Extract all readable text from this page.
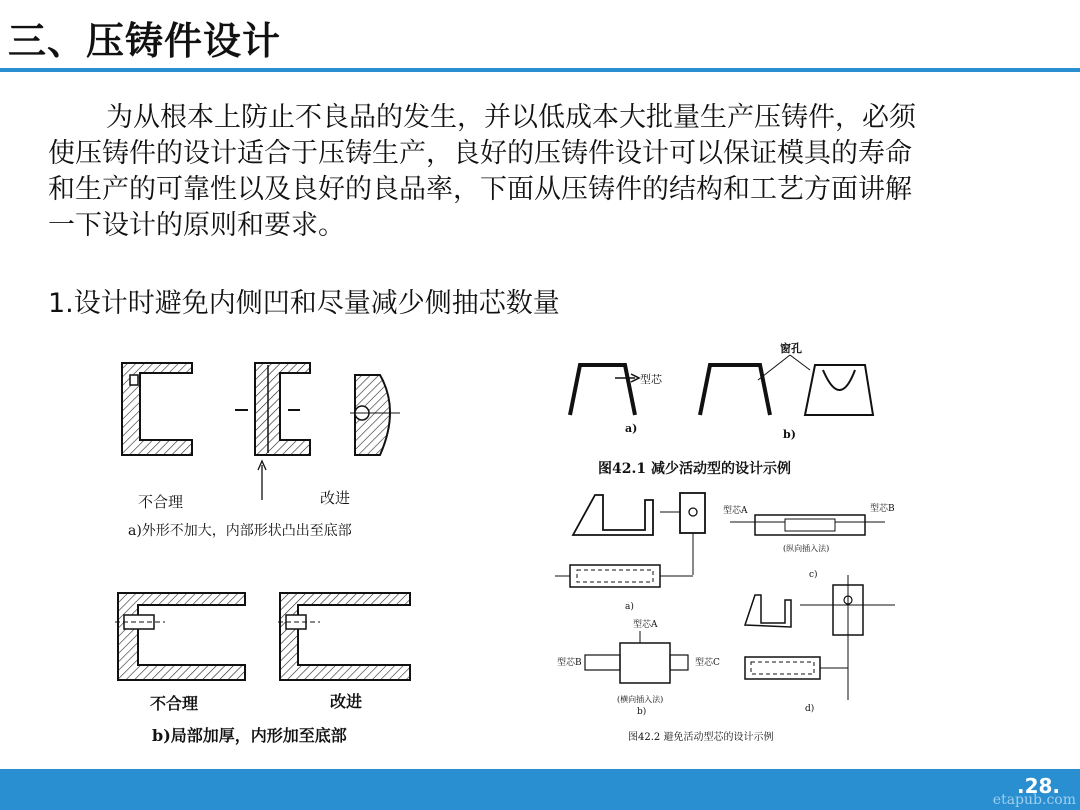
三、压铸件设计
为从根本上防止不良品的发生，并以低成本大批量生产压铸件，必须
使压铸件的设计适合于压铸生产，良好的压铸件设计可以保证模具的寿命
和生产的可靠性以及良好的良品率，下面从压铸件的结构和工艺方面讲解
一下设计的原则和要求。
1.设计时避免内侧凹和尽量减少侧抽芯数量
不合理	改进
a)外形不加大，内部形状凸出至底部
不合理	改进
b)局部加厚，内形加至底部
型芯
窗孔
a)	b)
图42.1 减少活动型的设计示例
a)
型芯A	型芯B
(纵向插入法)
c)
型芯A
型芯B	型芯C
(横向插入法)
b)	d)
图42.2 避免活动型芯的设计示例
.28.
etapub.com
